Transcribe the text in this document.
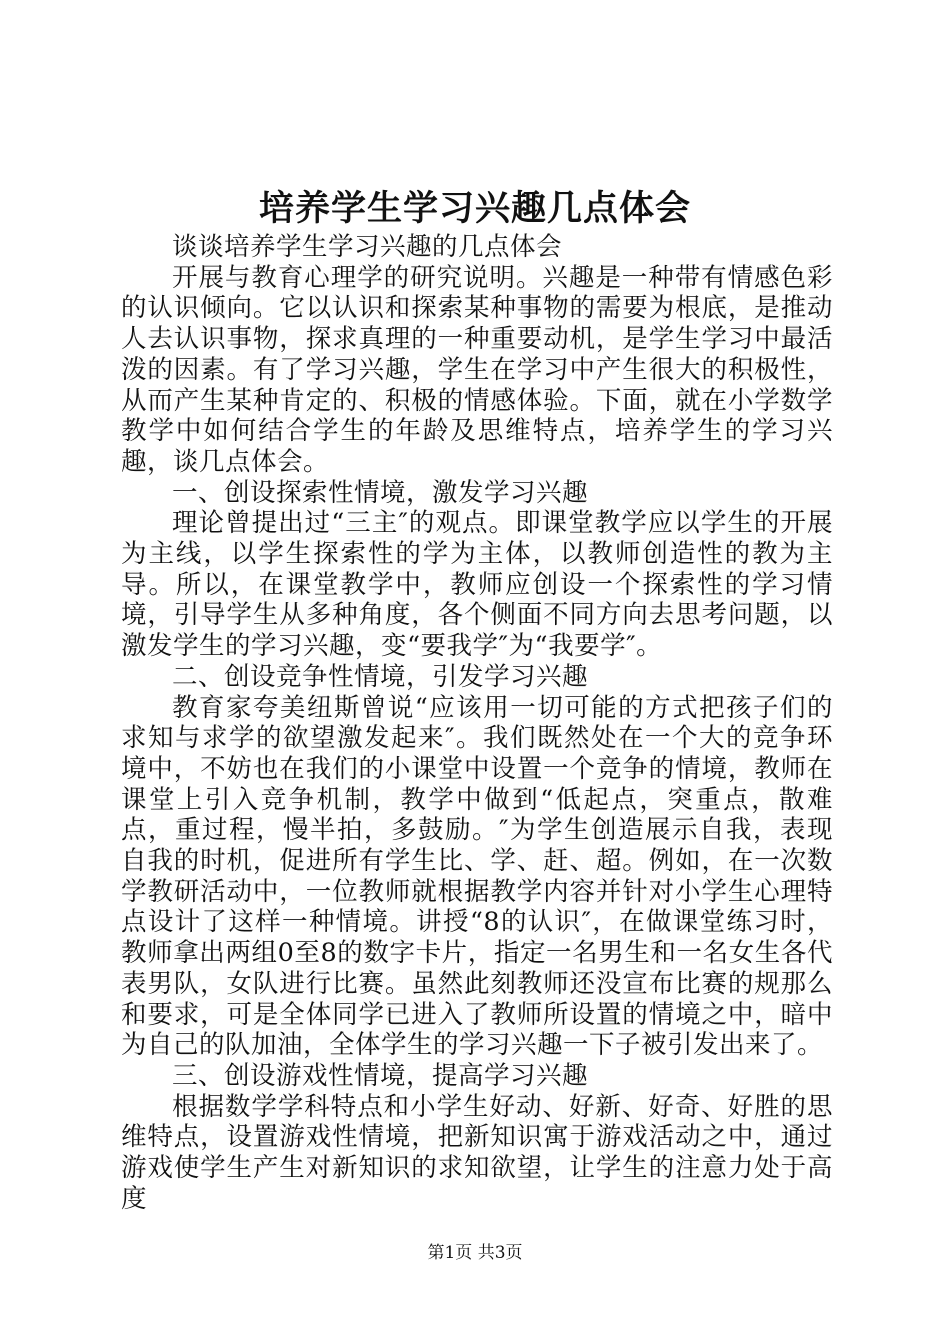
培养学生学习兴趣几点体会

谈谈培养学生学习兴趣的几点体会

开展与教育心理学的研究说明。兴趣是一种带有情感色彩的认识倾向。它以认识和探索某种事物的需要为根底，是推动人去认识事物，探求真理的一种重要动机，是学生学习中最活泼的因素。有了学习兴趣，学生在学习中产生很大的积极性，从而产生某种肯定的、积极的情感体验。下面，就在小学数学教学中如何结合学生的年龄及思维特点，培养学生的学习兴趣，谈几点体会。

一、创设探索性情境，激发学习兴趣

理论曾提出过“三主″的观点。即课堂教学应以学生的开展为主线，以学生探索性的学为主体，以教师创造性的教为主导。所以，在课堂教学中，教师应创设一个探索性的学习情境，引导学生从多种角度，各个侧面不同方向去思考问题，以激发学生的学习兴趣，变“要我学″为“我要学″。

二、创设竞争性情境，引发学习兴趣

教育家夸美纽斯曾说“应该用一切可能的方式把孩子们的求知与求学的欲望激发起来″。我们既然处在一个大的竞争环境中，不妨也在我们的小课堂中设置一个竞争的情境，教师在课堂上引入竞争机制，教学中做到“低起点，突重点，散难点，重过程，慢半拍，多鼓励。″为学生创造展示自我，表现自我的时机，促进所有学生比、学、赶、超。例如，在一次数学教研活动中，一位教师就根据教学内容并针对小学生心理特点设计了这样一种情境。讲授“8的认识″，在做课堂练习时，教师拿出两组0至8的数字卡片，指定一名男生和一名女生各代表男队，女队进行比赛。虽然此刻教师还没宣布比赛的规那么和要求，可是全体同学已进入了教师所设置的情境之中，暗中为自己的队加油，全体学生的学习兴趣一下子被引发出来了。

三、创设游戏性情境，提高学习兴趣

根据数学学科特点和小学生好动、好新、好奇、好胜的思维特点，设置游戏性情境，把新知识寓于游戏活动之中，通过游戏使学生产生对新知识的求知欲望，让学生的注意力处于高度

第1页 共3页
